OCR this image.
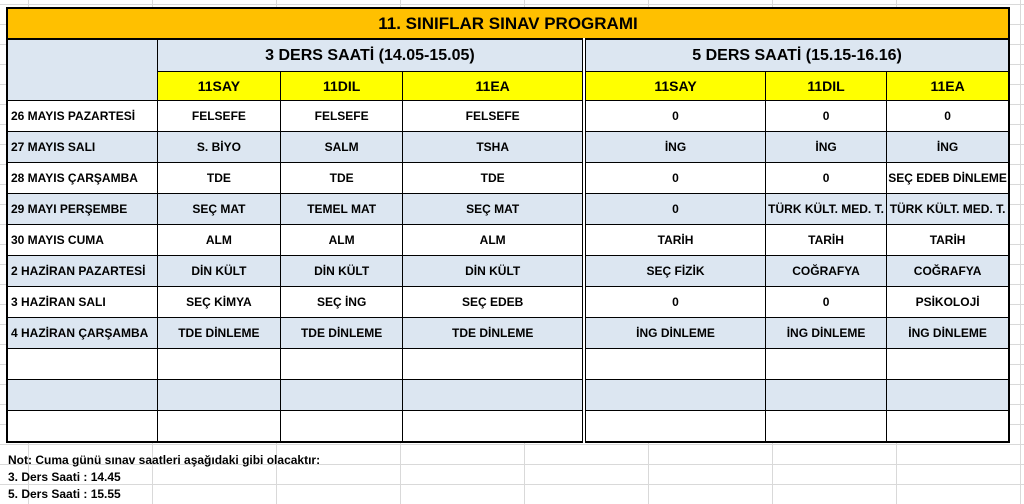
11. SINIFLAR SINAV PROGRAMI						
	3 DERS SAATİ (14.05-15.05)			5 DERS SAATİ (15.15-16.16)		
	11SAY	11DIL	11EA	11SAY	11DIL	11EA
26 MAYIS PAZARTESİ	FELSEFE	FELSEFE	FELSEFE	0	0	0
27 MAYIS SALI	S. BİYO	SALM	TSHA	İNG	İNG	İNG
28 MAYIS ÇARŞAMBA	TDE	TDE	TDE	0	0	SEÇ EDEB DİNLEME
29 MAYI PERŞEMBE	SEÇ MAT	TEMEL MAT	SEÇ MAT	0	TÜRK KÜLT. MED. T.	TÜRK KÜLT. MED. T.
30 MAYIS CUMA	ALM	ALM	ALM	TARİH	TARİH	TARİH
2 HAZİRAN PAZARTESİ	DİN KÜLT	DİN KÜLT	DİN KÜLT	SEÇ FİZİK	COĞRAFYA	COĞRAFYA
3 HAZİRAN SALI	SEÇ KİMYA	SEÇ İNG	SEÇ EDEB	0	0	PSİKOLOJİ
4 HAZİRAN ÇARŞAMBA	TDE DİNLEME	TDE DİNLEME	TDE DİNLEME	İNG DİNLEME	İNG DİNLEME	İNG DİNLEME

Not: Cuma günü sınav saatleri aşağıdaki gibi olacaktır:
3. Ders Saati : 14.45
5. Ders Saati : 15.55
